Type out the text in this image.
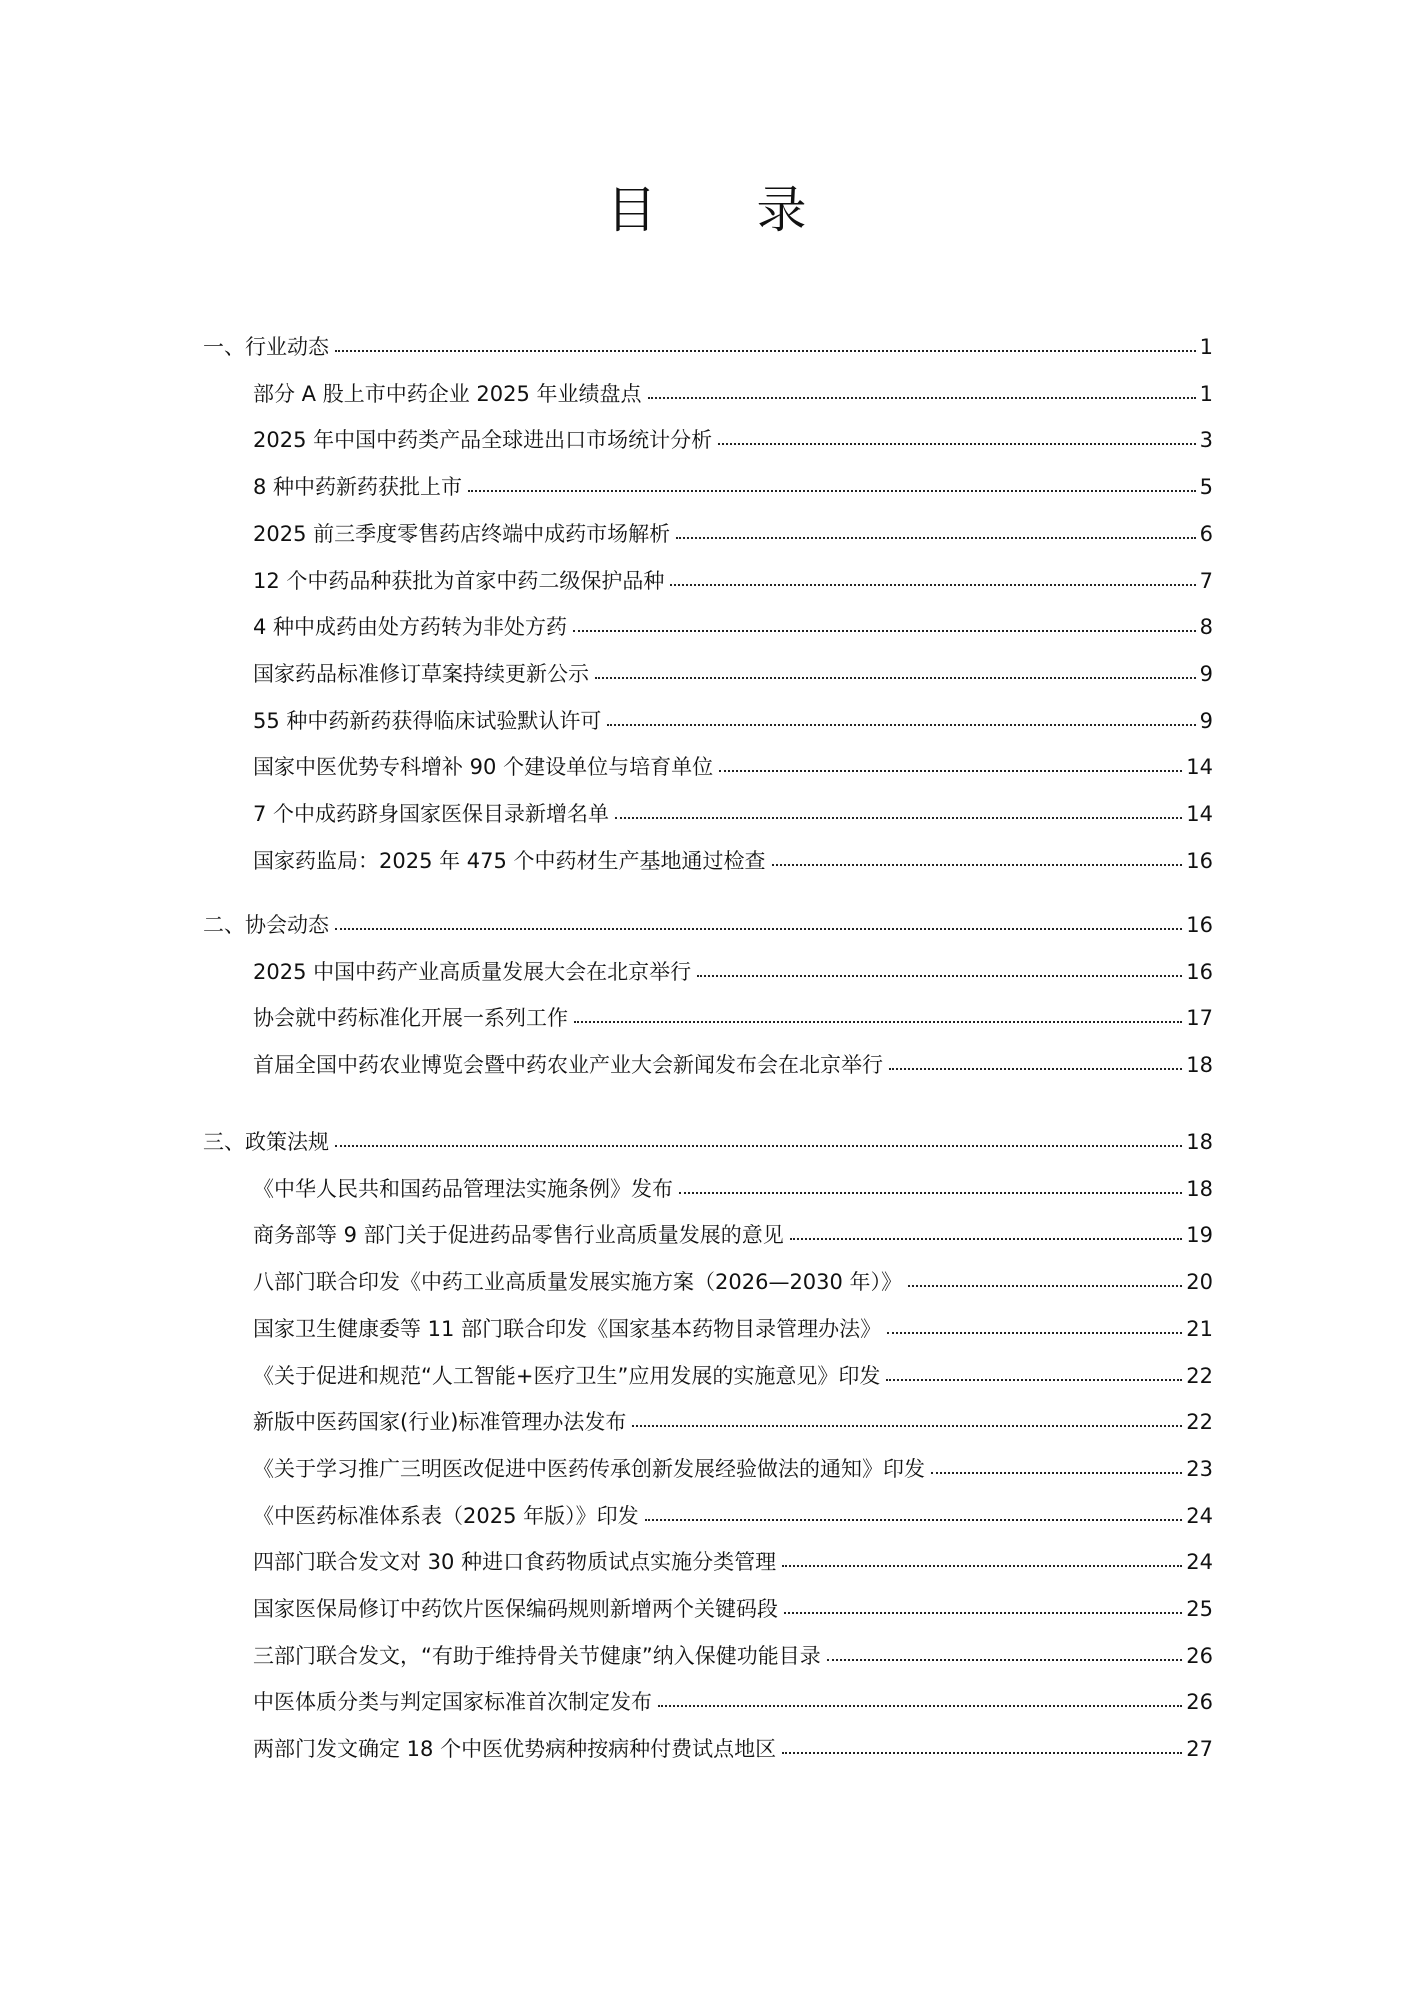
目 录
一、行业动态	1
部分 A 股上市中药企业 2025 年业绩盘点	1
2025 年中国中药类产品全球进出口市场统计分析	3
8 种中药新药获批上市	5
2025 前三季度零售药店终端中成药市场解析	6
12 个中药品种获批为首家中药二级保护品种	7
4 种中成药由处方药转为非处方药	8
国家药品标准修订草案持续更新公示	9
55 种中药新药获得临床试验默认许可	9
国家中医优势专科增补 90 个建设单位与培育单位	14
7 个中成药跻身国家医保目录新增名单	14
国家药监局：2025 年 475 个中药材生产基地通过检查	16
二、协会动态	16
2025 中国中药产业高质量发展大会在北京举行	16
协会就中药标准化开展一系列工作	17
首届全国中药农业博览会暨中药农业产业大会新闻发布会在北京举行	18
三、政策法规	18
《中华人民共和国药品管理法实施条例》发布	18
商务部等 9 部门关于促进药品零售行业高质量发展的意见	19
八部门联合印发《中药工业高质量发展实施方案（2026—2030 年）》	20
国家卫生健康委等 11 部门联合印发《国家基本药物目录管理办法》	21
《关于促进和规范“人工智能+医疗卫生”应用发展的实施意见》印发	22
新版中医药国家(行业)标准管理办法发布	22
《关于学习推广三明医改促进中医药传承创新发展经验做法的通知》印发	23
《中医药标准体系表（2025 年版）》印发	24
四部门联合发文对 30 种进口食药物质试点实施分类管理	24
国家医保局修订中药饮片医保编码规则新增两个关键码段	25
三部门联合发文，“有助于维持骨关节健康”纳入保健功能目录	26
中医体质分类与判定国家标准首次制定发布	26
两部门发文确定 18 个中医优势病种按病种付费试点地区	27
